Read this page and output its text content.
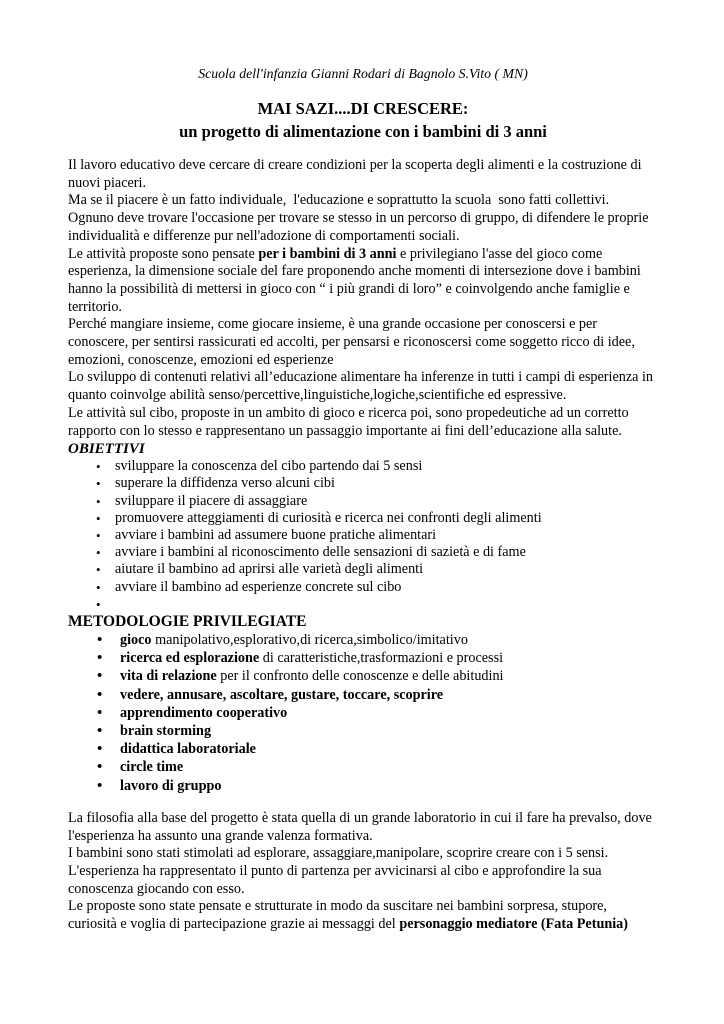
Scuola dell'infanzia Gianni Rodari di Bagnolo S.Vito ( MN)
MAI SAZI....DI CRESCERE:
un progetto di alimentazione con i bambini di 3 anni

Il lavoro educativo deve cercare di creare condizioni per la scoperta degli alimenti e la costruzione di nuovi piaceri.

Ma se il piacere è un fatto individuale,  l'educazione e soprattutto la scuola  sono fatti collettivi.

Ognuno deve trovare l'occasione per trovare se stesso in un percorso di gruppo, di difendere le proprie individualità e differenze pur nell'adozione di comportamenti sociali.

Le attività proposte sono pensate per i bambini di 3 anni e privilegiano l'asse del gioco come esperienza, la dimensione sociale del fare proponendo anche momenti di intersezione dove i bambini hanno la possibilità di mettersi in gioco con “ i più grandi di loro” e coinvolgendo anche famiglie e territorio.

Perché mangiare insieme, come giocare insieme, è una grande occasione per conoscersi e per conoscere, per sentirsi rassicurati ed accolti, per pensarsi e riconoscersi come soggetto ricco di idee, emozioni, conoscenze, emozioni ed esperienze

Lo sviluppo di contenuti relativi all’educazione alimentare ha inferenze in tutti i campi di esperienza in quanto coinvolge abilità senso/percettive,linguistiche,logiche,scientifiche ed espressive.

Le attività sul cibo, proposte in un ambito di gioco e ricerca poi, sono propedeutiche ad un corretto rapporto con lo stesso e rappresentano un passaggio importante ai fini dell’educazione alla salute.

OBIETTIVI
• sviluppare la conoscenza del cibo partendo dai 5 sensi
• superare la diffidenza verso alcuni cibi
• sviluppare il piacere di assaggiare
• promuovere atteggiamenti di curiosità e ricerca nei confronti degli alimenti
• avviare i bambini ad assumere buone pratiche alimentari
• avviare i bambini al riconoscimento delle sensazioni di sazietà e di fame
• aiutare il bambino ad aprirsi alle varietà degli alimenti
• avviare il bambino ad esperienze concrete sul cibo
•
METODOLOGIE PRIVILEGIATE
• gioco manipolativo,esplorativo,di ricerca,simbolico/imitativo
• ricerca ed esplorazione di caratteristiche,trasformazioni e processi
• vita di relazione per il confronto delle conoscenze e delle abitudini
• vedere, annusare, ascoltare, gustare, toccare, scoprire
• apprendimento cooperativo
• brain storming
• didattica laboratoriale
• circle time
• lavoro di gruppo

La filosofia alla base del progetto è stata quella di un grande laboratorio in cui il fare ha prevalso, dove l'esperienza ha assunto una grande valenza formativa.

I bambini sono stati stimolati ad esplorare, assaggiare,manipolare, scoprire creare con i 5 sensi.

L'esperienza ha rappresentato il punto di partenza per avvicinarsi al cibo e approfondire la sua conoscenza giocando con esso.

Le proposte sono state pensate e strutturate in modo da suscitare nei bambini sorpresa, stupore, curiosità e voglia di partecipazione grazie ai messaggi del personaggio mediatore (Fata Petunia)
